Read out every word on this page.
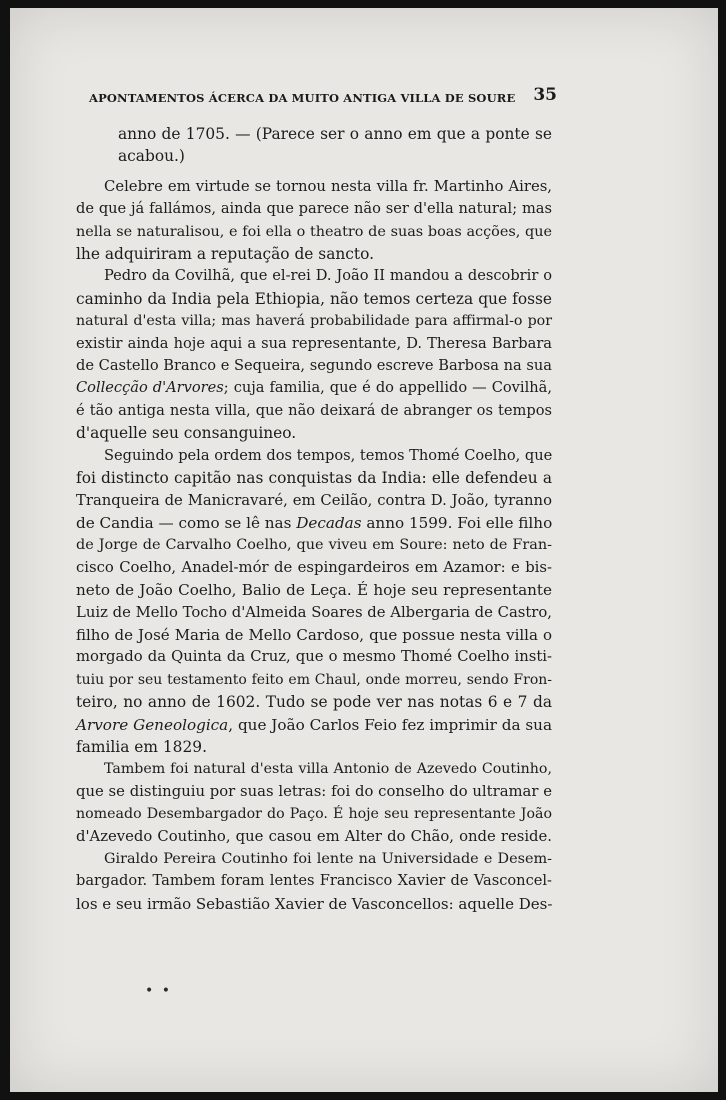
APONTAMENTOS ÁCERCA DA MUITO ANTIGA VILLA DE SOURE 35
anno de 1705. — (Parece ser o anno em que a ponte se
acabou.)
Celebre em virtude se tornou nesta villa fr. Martinho Aires,
de que já fallámos, ainda que parece não ser d'ella natural; mas
nella se naturalisou, e foi ella o theatro de suas boas acções, que
lhe adquiriram a reputação de sancto.
Pedro da Covilhã, que el-rei D. João II mandou a descobrir o
caminho da India pela Ethiopia, não temos certeza que fosse
natural d'esta villa; mas haverá probabilidade para affirmal-o por
existir ainda hoje aqui a sua representante, D. Theresa Barbara
de Castello Branco e Sequeira, segundo escreve Barbosa na sua
Collecção d'Arvores; cuja familia, que é do appellido — Covilhã,
é tão antiga nesta villa, que não deixará de abranger os tempos
d'aquelle seu consanguineo.
Seguindo pela ordem dos tempos, temos Thomé Coelho, que
foi distincto capitão nas conquistas da India: elle defendeu a
Tranqueira de Manicravaré, em Ceilão, contra D. João, tyranno
de Candia — como se lê nas Decadas anno 1599. Foi elle filho
de Jorge de Carvalho Coelho, que viveu em Soure: neto de Fran-
cisco Coelho, Anadel-mór de espingardeiros em Azamor: e bis-
neto de João Coelho, Balio de Leça. É hoje seu representante
Luiz de Mello Tocho d'Almeida Soares de Albergaria de Castro,
filho de José Maria de Mello Cardoso, que possue nesta villa o
morgado da Quinta da Cruz, que o mesmo Thomé Coelho insti-
tuiu por seu testamento feito em Chaul, onde morreu, sendo Fron-
teiro, no anno de 1602. Tudo se pode ver nas notas 6 e 7 da
Arvore Geneologica, que João Carlos Feio fez imprimir da sua
familia em 1829.
Tambem foi natural d'esta villa Antonio de Azevedo Coutinho,
que se distinguiu por suas letras: foi do conselho do ultramar e
nomeado Desembargador do Paço. É hoje seu representante João
d'Azevedo Coutinho, que casou em Alter do Chão, onde reside.
Giraldo Pereira Coutinho foi lente na Universidade e Desem-
bargador. Tambem foram lentes Francisco Xavier de Vasconcel-
los e seu irmão Sebastião Xavier de Vasconcellos: aquelle Des-
• •
